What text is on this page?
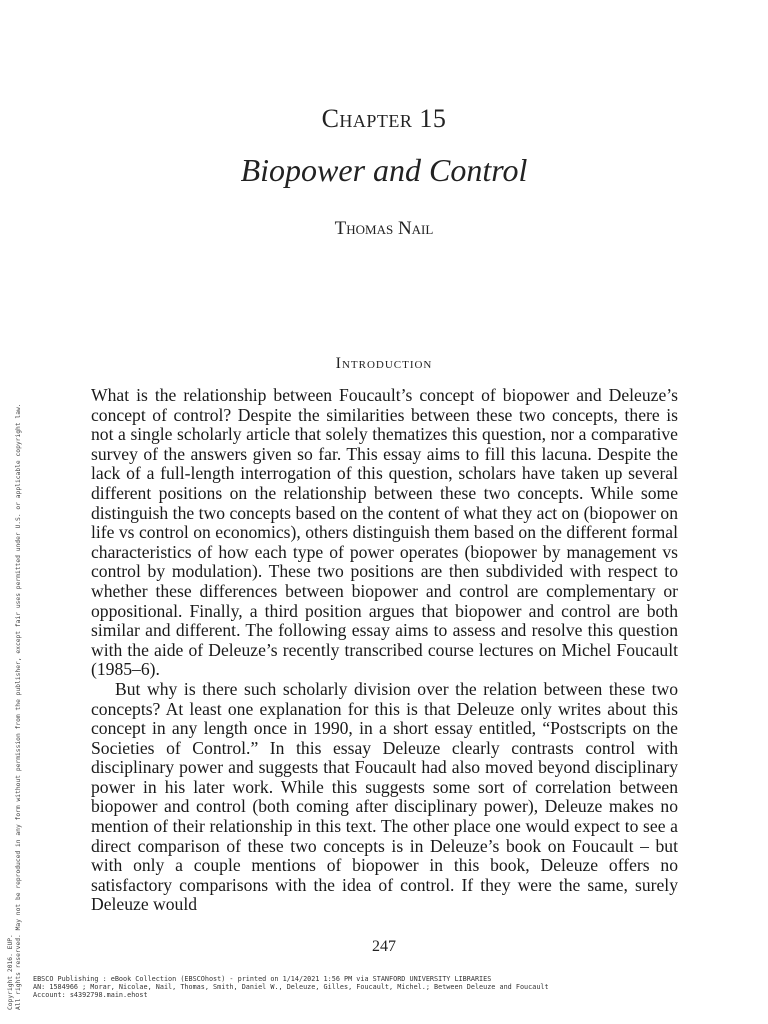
Chapter 15
Biopower and Control
Thomas Nail
Introduction

What is the relationship between Foucault’s concept of biopower and Deleuze’s concept of control? Despite the similarities between these two concepts, there is not a single scholarly article that solely thematizes this question, nor a comparative survey of the answers given so far. This essay aims to fill this lacuna. Despite the lack of a full-length interrogation of this question, scholars have taken up several different positions on the relationship between these two concepts. While some distinguish the two concepts based on the content of what they act on (biopower on life vs control on economics), others distinguish them based on the different formal characteristics of how each type of power operates (biopower by management vs control by modulation). These two positions are then subdivided with respect to whether these differences between biopower and control are complementary or oppositional. Finally, a third position argues that biopower and control are both similar and different. The following essay aims to assess and resolve this question with the aide of Deleuze’s recently transcribed course lectures on Michel Foucault (1985–6).

But why is there such scholarly division over the relation between these two concepts? At least one explanation for this is that Deleuze only writes about this concept in any length once in 1990, in a short essay entitled, “Postscripts on the Societies of Control.” In this essay Deleuze clearly contrasts control with disciplinary power and suggests that Foucault had also moved beyond disciplinary power in his later work. While this suggests some sort of correlation between biopower and control (both coming after disciplinary power), Deleuze makes no mention of their relationship in this text. The other place one would expect to see a direct comparison of these two concepts is in Deleuze’s book on Foucault – but with only a couple mentions of biopower in this book, Deleuze offers no satisfactory comparisons with the idea of control. If they were the same, surely Deleuze would

247
Copyright 2016. EUP. All rights reserved. May not be reproduced in any form without permission from the publisher, except fair uses permitted under U.S. or applicable copyright law. EBSCO Publishing : eBook Collection (EBSCOhost) - printed on 1/14/2021 1:56 PM via STANFORD UNIVERSITY LIBRARIES
AN: 1584966 ; Morar, Nicolae, Nail, Thomas, Smith, Daniel W., Deleuze, Gilles, Foucault, Michel.; Between Deleuze and Foucault
Account: s4392798.main.ehost
